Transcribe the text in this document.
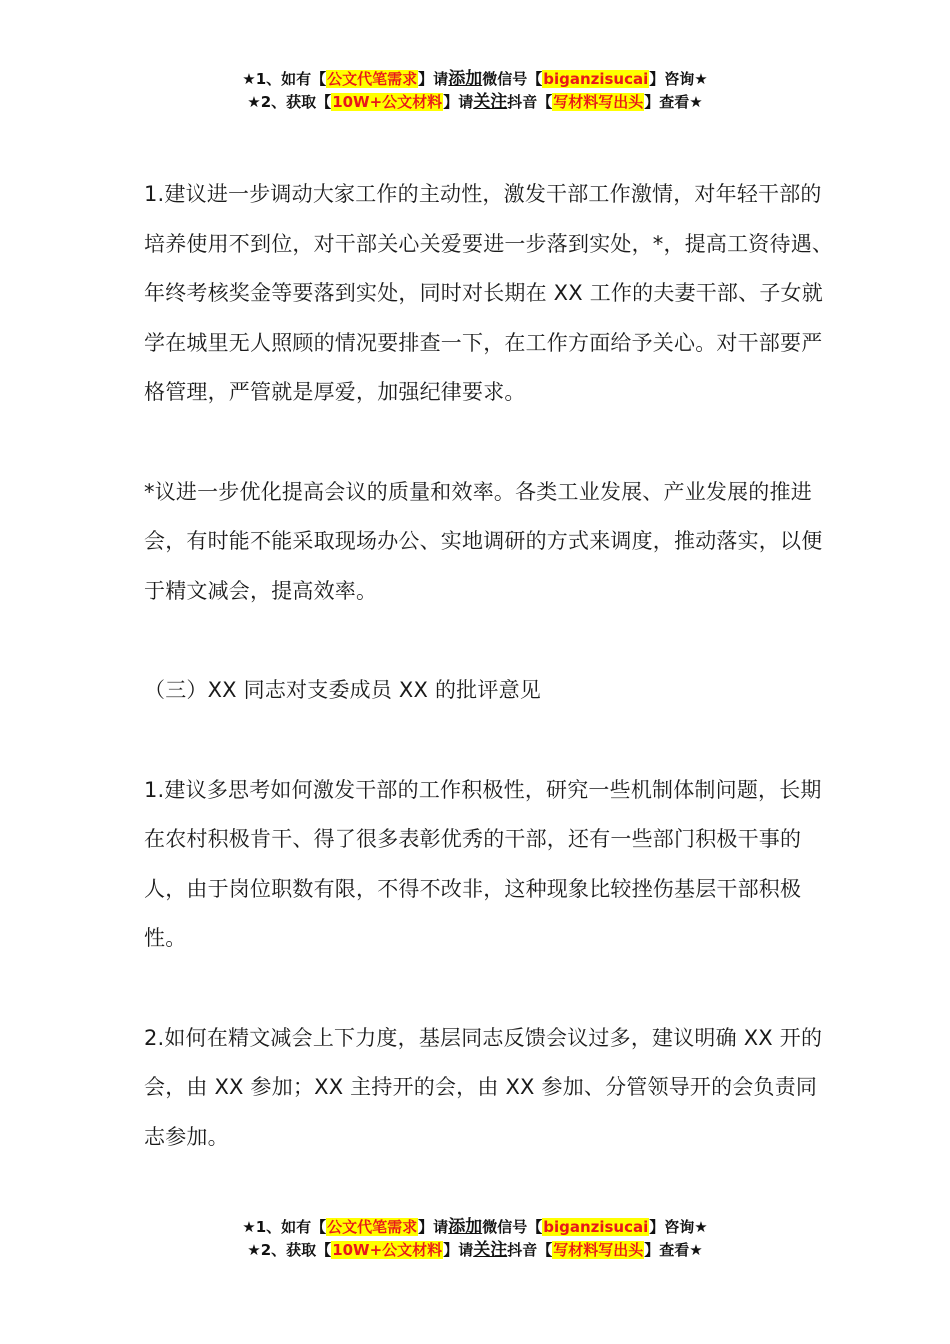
★1、如有【公文代笔需求】请添加微信号【biganzisucai】咨询★
★2、获取【10W+公文材料】请关注抖音【写材料写出头】查看★

1.建议进一步调动大家工作的主动性，激发干部工作激情，对年轻干部的培养使用不到位，对干部关心关爱要进一步落到实处，*，提高工资待遇、年终考核奖金等要落到实处，同时对长期在 XX 工作的夫妻干部、子女就学在城里无人照顾的情况要排查一下，在工作方面给予关心。对干部要严格管理，严管就是厚爱，加强纪律要求。

*议进一步优化提高会议的质量和效率。各类工业发展、产业发展的推进会，有时能不能采取现场办公、实地调研的方式来调度，推动落实，以便于精文减会，提高效率。

（三）XX 同志对支委成员 XX 的批评意见

1.建议多思考如何激发干部的工作积极性，研究一些机制体制问题，长期在农村积极肯干、得了很多表彰优秀的干部，还有一些部门积极干事的人，由于岗位职数有限，不得不改非，这种现象比较挫伤基层干部积极性。

2.如何在精文减会上下力度，基层同志反馈会议过多，建议明确 XX 开的会，由 XX 参加；XX 主持开的会，由 XX 参加、分管领导开的会负责同志参加。

★1、如有【公文代笔需求】请添加微信号【biganzisucai】咨询★
★2、获取【10W+公文材料】请关注抖音【写材料写出头】查看★
